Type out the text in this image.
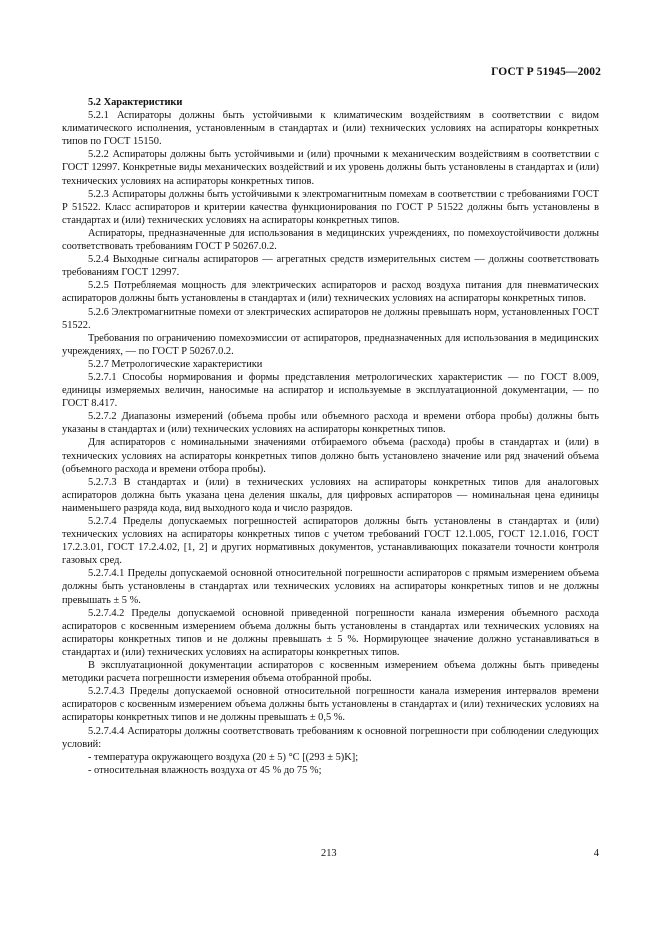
ГОСТ Р 51945—2002

5.2 Характеристики

5.2.1 Аспираторы должны быть устойчивыми к климатическим воздействиям в соответствии с видом климатического исполнения, установленным в стандартах и (или) технических условиях на аспираторы конкретных типов по ГОСТ 15150.

5.2.2 Аспираторы должны быть устойчивыми и (или) прочными к механическим воздействиям в соответствии с ГОСТ 12997. Конкретные виды механических воздействий и их уровень должны быть установлены в стандартах и (или) технических условиях на аспираторы конкретных типов.

5.2.3 Аспираторы должны быть устойчивыми к электромагнитным помехам в соответствии с требованиями ГОСТ Р 51522. Класс аспираторов и критерии качества функционирования по ГОСТ Р 51522 должны быть установлены в стандартах и (или) технических условиях на аспираторы конкретных типов.

Аспираторы, предназначенные для использования в медицинских учреждениях, по помехоустойчивости должны соответствовать требованиям ГОСТ Р 50267.0.2.

5.2.4 Выходные сигналы аспираторов — агрегатных средств измерительных систем — должны соответствовать требованиям ГОСТ 12997.

5.2.5 Потребляемая мощность для электрических аспираторов и расход воздуха питания для пневматических аспираторов должны быть установлены в стандартах и (или) технических условиях на аспираторы конкретных типов.

5.2.6 Электромагнитные помехи от электрических аспираторов не должны превышать норм, установленных ГОСТ 51522.

Требования по ограничению помехоэмиссии от аспираторов, предназначенных для использования в медицинских учреждениях, — по ГОСТ Р 50267.0.2.

5.2.7 Метрологические характеристики

5.2.7.1 Способы нормирования и формы представления метрологических характеристик — по ГОСТ 8.009, единицы измеряемых величин, наносимые на аспиратор и используемые в эксплуатационной документации, — по ГОСТ 8.417.

5.2.7.2 Диапазоны измерений (объема пробы или объемного расхода и времени отбора пробы) должны быть указаны в стандартах и (или) технических условиях на аспираторы конкретных типов.

Для аспираторов с номинальными значениями отбираемого объема (расхода) пробы в стандартах и (или) в технических условиях на аспираторы конкретных типов должно быть установлено значение или ряд значений объема (объемного расхода и времени отбора пробы).

5.2.7.3 В стандартах и (или) в технических условиях на аспираторы конкретных типов для аналоговых аспираторов должна быть указана цена деления шкалы, для цифровых аспираторов — номинальная цена единицы наименьшего разряда кода, вид выходного кода и число разрядов.

5.2.7.4 Пределы допускаемых погрешностей аспираторов должны быть установлены в стандартах и (или) технических условиях на аспираторы конкретных типов с учетом требований ГОСТ 12.1.005, ГОСТ 12.1.016, ГОСТ 17.2.3.01, ГОСТ 17.2.4.02, [1, 2] и других нормативных документов, устанавливающих показатели точности контроля газовых сред.

5.2.7.4.1 Пределы допускаемой основной относительной погрешности аспираторов с прямым измерением объема должны быть установлены в стандартах или технических условиях на аспираторы конкретных типов и не должны превышать ± 5 %.

5.2.7.4.2 Пределы допускаемой основной приведенной погрешности канала измерения объемного расхода аспираторов с косвенным измерением объема должны быть установлены в стандартах или технических условиях на аспираторы конкретных типов и не должны превышать ± 5 %. Нормирующее значение должно устанавливаться в стандартах и (или) технических условиях на аспираторы конкретных типов.

В эксплуатационной документации аспираторов с косвенным измерением объема должны быть приведены методики расчета погрешности измерения объема отобранной пробы.

5.2.7.4.3 Пределы допускаемой основной относительной погрешности канала измерения интервалов времени аспираторов с косвенным измерением объема должны быть установлены в стандартах и (или) технических условиях на аспираторы конкретных типов и не должны превышать ± 0,5 %.

5.2.7.4.4 Аспираторы должны соответствовать требованиям к основной погрешности при соблюдении следующих условий:

- температура окружающего воздуха (20 ± 5) °С [(293 ± 5)K];

- относительная влажность воздуха от 45 % до 75 %;

213	4
